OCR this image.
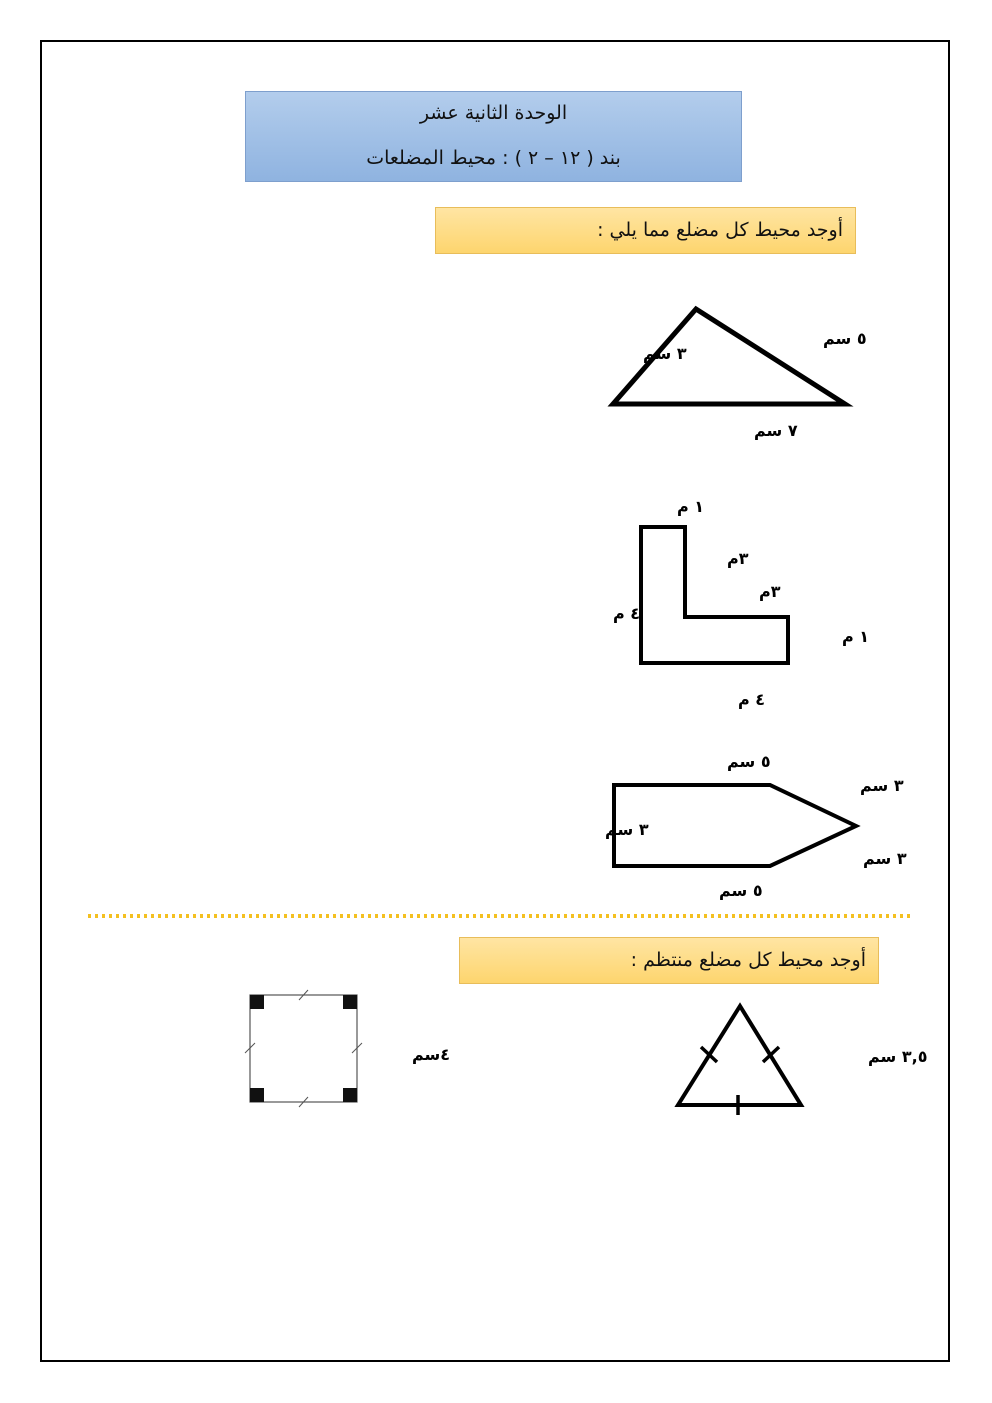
الوحدة الثانية عشر
بند ( ١٢ – ٢ ) : محيط المضلعات
أوجد محيط كل مضلع مما يلي :
٣ سم
٥ سم
٧ سم
١ م
٣م
٣م
٤ م
١ م
٤ م
٥ سم
٣ سم
٣ سم
٣ سم
٥ سم
٤سم	٣,٥ سم
أوجد محيط كل مضلع منتظم :
